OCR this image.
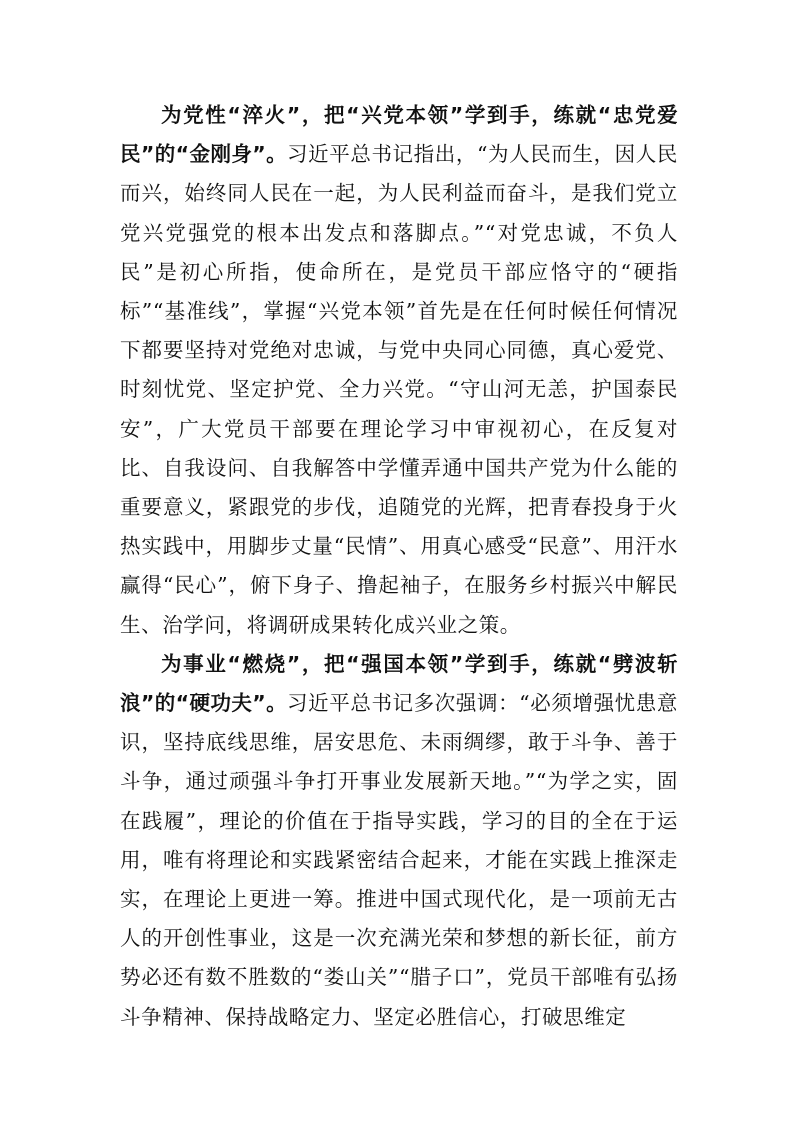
为党性“淬火”，把“兴党本领”学到手，练就“忠党爱民”的“金刚身”。习近平总书记指出，“为人民而生，因人民而兴，始终同人民在一起，为人民利益而奋斗，是我们党立党兴党强党的根本出发点和落脚点。”“对党忠诚，不负人民”是初心所指，使命所在，是党员干部应恪守的“硬指标”“基准线”，掌握“兴党本领”首先是在任何时候任何情况下都要坚持对党绝对忠诚，与党中央同心同德，真心爱党、时刻忧党、坚定护党、全力兴党。“守山河无恙，护国泰民安”，广大党员干部要在理论学习中审视初心，在反复对比、自我设问、自我解答中学懂弄通中国共产党为什么能的重要意义，紧跟党的步伐，追随党的光辉，把青春投身于火热实践中，用脚步丈量“民情”、用真心感受“民意”、用汗水赢得“民心”，俯下身子、撸起袖子，在服务乡村振兴中解民生、治学问，将调研成果转化成兴业之策。

为事业“燃烧”，把“强国本领”学到手，练就“劈波斩浪”的“硬功夫”。习近平总书记多次强调：“必须增强忧患意识，坚持底线思维，居安思危、未雨绸缪，敢于斗争、善于斗争，通过顽强斗争打开事业发展新天地。”“为学之实，固在践履”，理论的价值在于指导实践，学习的目的全在于运用，唯有将理论和实践紧密结合起来，才能在实践上推深走实，在理论上更进一筹。推进中国式现代化，是一项前无古人的开创性事业，这是一次充满光荣和梦想的新长征，前方势必还有数不胜数的“娄山关”“腊子口”，党员干部唯有弘扬斗争精神、保持战略定力、坚定必胜信心，打破思维定
